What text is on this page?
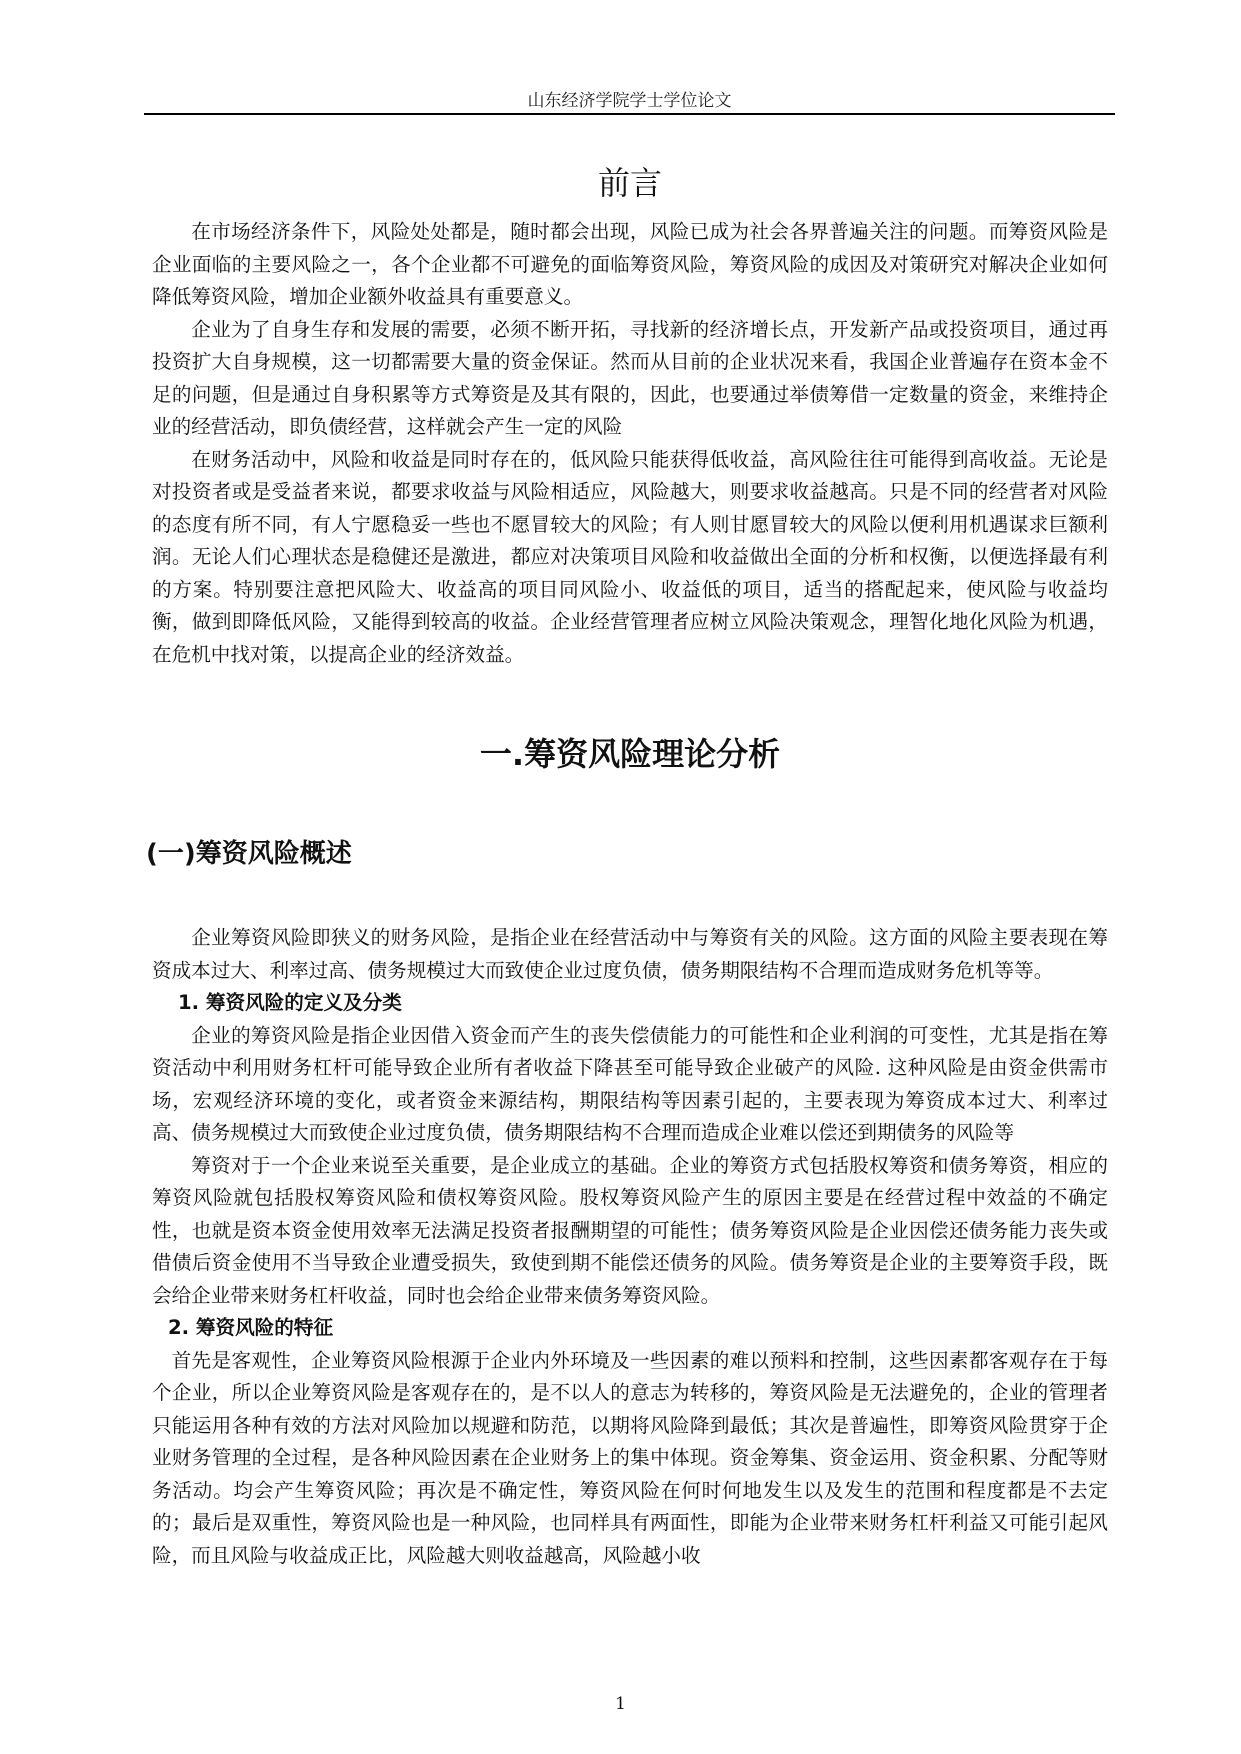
山东经济学院学士学位论文
前言

在市场经济条件下，风险处处都是，随时都会出现，风险已成为社会各界普遍关注的问题。而筹资风险是企业面临的主要风险之一，各个企业都不可避免的面临筹资风险，筹资风险的成因及对策研究对解决企业如何降低筹资风险，增加企业额外收益具有重要意义。

企业为了自身生存和发展的需要，必须不断开拓，寻找新的经济增长点，开发新产品或投资项目，通过再投资扩大自身规模，这一切都需要大量的资金保证。然而从目前的企业状况来看，我国企业普遍存在资本金不足的问题，但是通过自身积累等方式筹资是及其有限的，因此，也要通过举债筹借一定数量的资金，来维持企业的经营活动，即负债经营，这样就会产生一定的风险

在财务活动中，风险和收益是同时存在的，低风险只能获得低收益，高风险往往可能得到高收益。无论是对投资者或是受益者来说，都要求收益与风险相适应，风险越大，则要求收益越高。只是不同的经营者对风险的态度有所不同，有人宁愿稳妥一些也不愿冒较大的风险；有人则甘愿冒较大的风险以便利用机遇谋求巨额利润。无论人们心理状态是稳健还是激进，都应对决策项目风险和收益做出全面的分析和权衡，以便选择最有利的方案。特别要注意把风险大、收益高的项目同风险小、收益低的项目，适当的搭配起来，使风险与收益均衡，做到即降低风险，又能得到较高的收益。企业经营管理者应树立风险决策观念，理智化地化风险为机遇，在危机中找对策，以提高企业的经济效益。

一.筹资风险理论分析
(一)筹资风险概述

企业筹资风险即狭义的财务风险，是指企业在经营活动中与筹资有关的风险。这方面的风险主要表现在筹资成本过大、利率过高、债务规模过大而致使企业过度负债，债务期限结构不合理而造成财务危机等等。

1. 筹资风险的定义及分类

企业的筹资风险是指企业因借入资金而产生的丧失偿债能力的可能性和企业利润的可变性，尤其是指在筹资活动中利用财务杠杆可能导致企业所有者收益下降甚至可能导致企业破产的风险. 这种风险是由资金供需市场，宏观经济环境的变化，或者资金来源结构，期限结构等因素引起的，主要表现为筹资成本过大、利率过高、债务规模过大而致使企业过度负债，债务期限结构不合理而造成企业难以偿还到期债务的风险等

筹资对于一个企业来说至关重要，是企业成立的基础。企业的筹资方式包括股权筹资和债务筹资，相应的筹资风险就包括股权筹资风险和债权筹资风险。股权筹资风险产生的原因主要是在经营过程中效益的不确定性，也就是资本资金使用效率无法满足投资者报酬期望的可能性；债务筹资风险是企业因偿还债务能力丧失或借债后资金使用不当导致企业遭受损失，致使到期不能偿还债务的风险。债务筹资是企业的主要筹资手段，既会给企业带来财务杠杆收益，同时也会给企业带来债务筹资风险。

2. 筹资风险的特征

首先是客观性，企业筹资风险根源于企业内外环境及一些因素的难以预料和控制，这些因素都客观存在于每个企业，所以企业筹资风险是客观存在的，是不以人的意志为转移的，筹资风险是无法避免的，企业的管理者只能运用各种有效的方法对风险加以规避和防范，以期将风险降到最低；其次是普遍性，即筹资风险贯穿于企业财务管理的全过程，是各种风险因素在企业财务上的集中体现。资金筹集、资金运用、资金积累、分配等财务活动。均会产生筹资风险；再次是不确定性，筹资风险在何时何地发生以及发生的范围和程度都是不去定的；最后是双重性，筹资风险也是一种风险，也同样具有两面性，即能为企业带来财务杠杆利益又可能引起风险，而且风险与收益成正比，风险越大则收益越高，风险越小收

1
